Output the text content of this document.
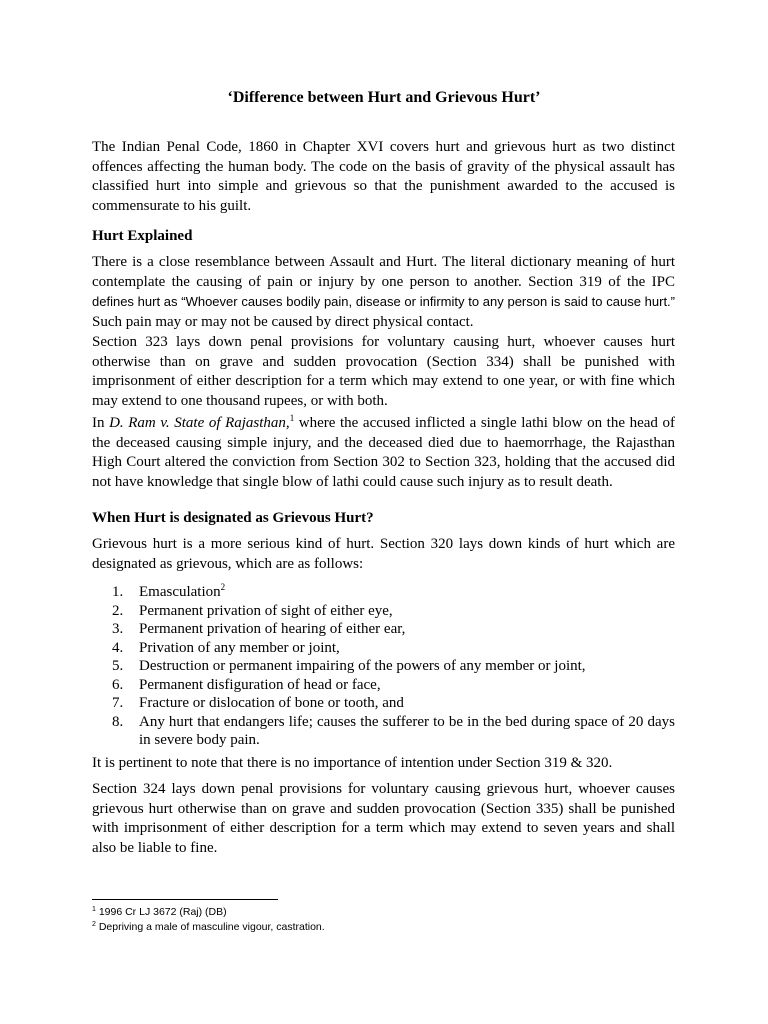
‘Difference between Hurt and Grievous Hurt’
The Indian Penal Code, 1860 in Chapter XVI covers hurt and grievous hurt as two distinct offences affecting the human body. The code on the basis of gravity of the physical assault has classified hurt into simple and grievous so that the punishment awarded to the accused is commensurate to his guilt.
Hurt Explained
There is a close resemblance between Assault and Hurt. The literal dictionary meaning of hurt contemplate the causing of pain or injury by one person to another. Section 319 of the IPC defines hurt as “Whoever causes bodily pain, disease or infirmity to any person is said to cause hurt.” Such pain may or may not be caused by direct physical contact.
Section 323 lays down penal provisions for voluntary causing hurt, whoever causes hurt otherwise than on grave and sudden provocation (Section 334) shall be punished with imprisonment of either description for a term which may extend to one year, or with fine which may extend to one thousand rupees, or with both.
In D. Ram v. State of Rajasthan,$^1$ where the accused inflicted a single lathi blow on the head of the deceased causing simple injury, and the deceased died due to haemorrhage, the Rajasthan High Court altered the conviction from Section 302 to Section 323, holding that the accused did not have knowledge that single blow of lathi could cause such injury as to result death.
When Hurt is designated as Grievous Hurt?
Grievous hurt is a more serious kind of hurt. Section 320 lays down kinds of hurt which are designated as grievous, which are as follows:
1. Emasculation$^2$
2. Permanent privation of sight of either eye,
3. Permanent privation of hearing of either ear,
4. Privation of any member or joint,
5. Destruction or permanent impairing of the powers of any member or joint,
6. Permanent disfiguration of head or face,
7. Fracture or dislocation of bone or tooth, and
8. Any hurt that endangers life; causes the sufferer to be in the bed during space of 20 days in severe body pain.
It is pertinent to note that there is no importance of intention under Section 319 & 320.
Section 324 lays down penal provisions for voluntary causing grievous hurt, whoever causes grievous hurt otherwise than on grave and sudden provocation (Section 335) shall be punished with imprisonment of either description for a term which may extend to seven years and shall also be liable to fine.
$^1$ 1996 Cr LJ 3672 (Raj) (DB)
$^2$ Depriving a male of masculine vigour, castration.
